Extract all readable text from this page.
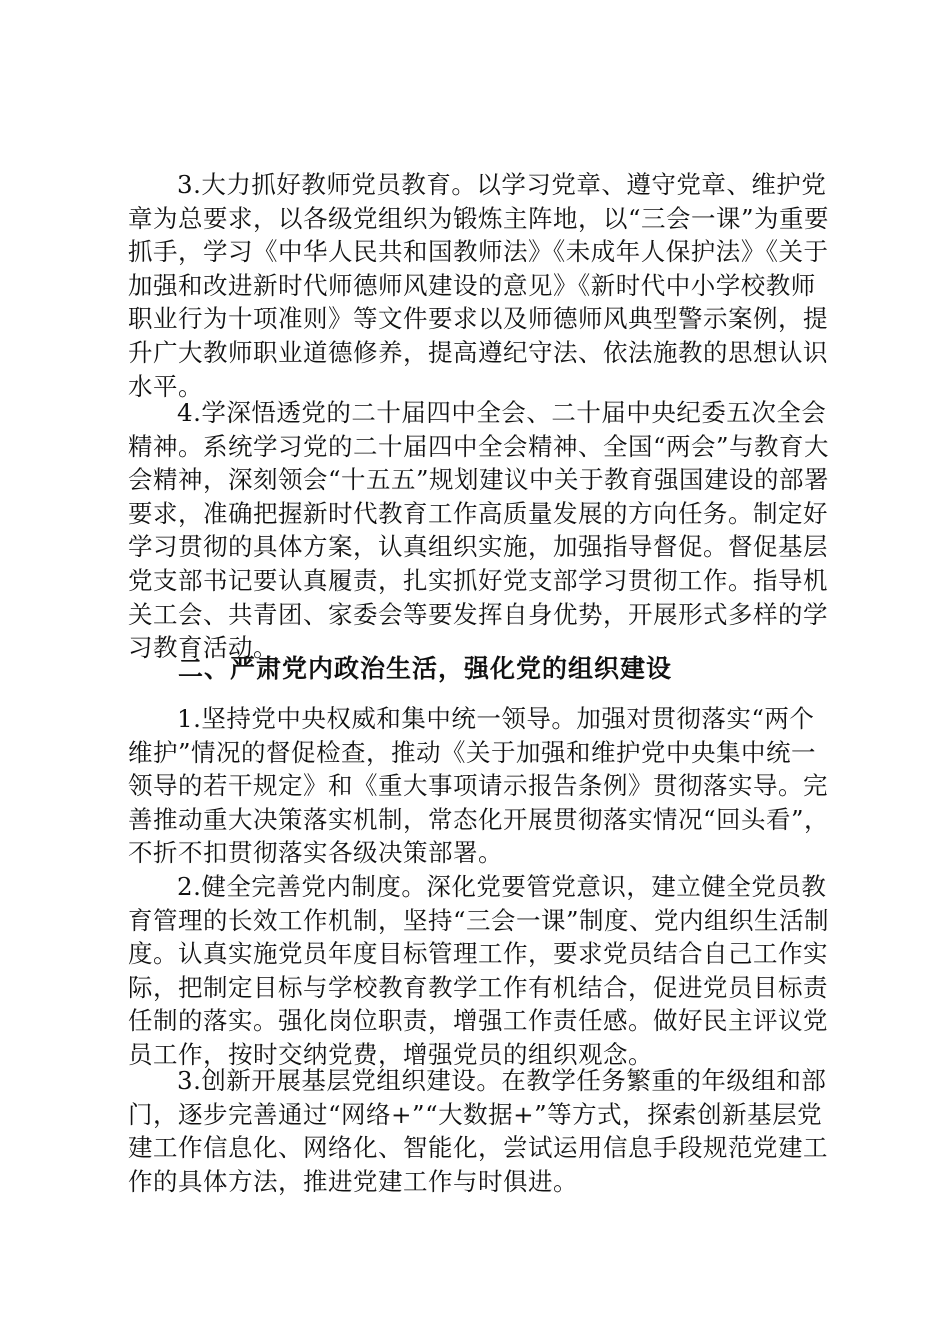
3.大力抓好教师党员教育。以学习党章、遵守党章、维护党章为总要求，以各级党组织为锻炼主阵地，以“三会一课”为重要抓手，学习《中华人民共和国教师法》《未成年人保护法》《关于加强和改进新时代师德师风建设的意见》《新时代中小学校教师职业行为十项准则》等文件要求以及师德师风典型警示案例，提升广大教师职业道德修养，提高遵纪守法、依法施教的思想认识水平。

4.学深悟透党的二十届四中全会、二十届中央纪委五次全会精神。系统学习党的二十届四中全会精神、全国“两会”与教育大会精神，深刻领会“十五五”规划建议中关于教育强国建设的部署要求，准确把握新时代教育工作高质量发展的方向任务。制定好学习贯彻的具体方案，认真组织实施，加强指导督促。督促基层党支部书记要认真履责，扎实抓好党支部学习贯彻工作。指导机关工会、共青团、家委会等要发挥自身优势，开展形式多样的学习教育活动。

二、严肃党内政治生活，强化党的组织建设

1.坚持党中央权威和集中统一领导。加强对贯彻落实“两个维护”情况的督促检查，推动《关于加强和维护党中央集中统一领导的若干规定》和《重大事项请示报告条例》贯彻落实导。完善推动重大决策落实机制，常态化开展贯彻落实情况“回头看”，不折不扣贯彻落实各级决策部署。

2.健全完善党内制度。深化党要管党意识，建立健全党员教育管理的长效工作机制，坚持“三会一课”制度、党内组织生活制度。认真实施党员年度目标管理工作，要求党员结合自己工作实际，把制定目标与学校教育教学工作有机结合，促进党员目标责任制的落实。强化岗位职责，增强工作责任感。做好民主评议党员工作，按时交纳党费，增强党员的组织观念。

3.创新开展基层党组织建设。在教学任务繁重的年级组和部门，逐步完善通过“网络+”“大数据+”等方式，探索创新基层党建工作信息化、网络化、智能化，尝试运用信息手段规范党建工作的具体方法，推进党建工作与时俱进。
